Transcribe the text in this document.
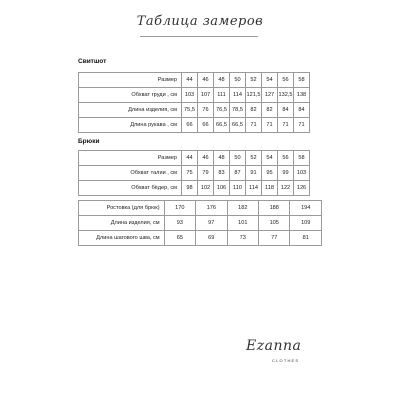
Таблица замеров
Свитшот
Размер	44	46	48	50	52	54	56	58
Обхват груди , см	103	107	111	114	121,5	127	132,5	138
Длина изделия, см	75,5	76	76,5	78,5	82	82	84	84
Длина рукава , см	66	66	66,5	66,5	71	71	71	71
Брюки
Размер	44	46	48	50	52	54	56	58
Обхват талии , см	75	79	83	87	91	95	99	103
Обхват бёдер, см	98	102	106	110	114	118	122	126
Ростовка (для брюк)	170	176	182	188	194
Длина изделия, см	93	97	101	105	109
Длина шагового шва, см	65	69	73	77	81
Ezanna
CLOTHES
